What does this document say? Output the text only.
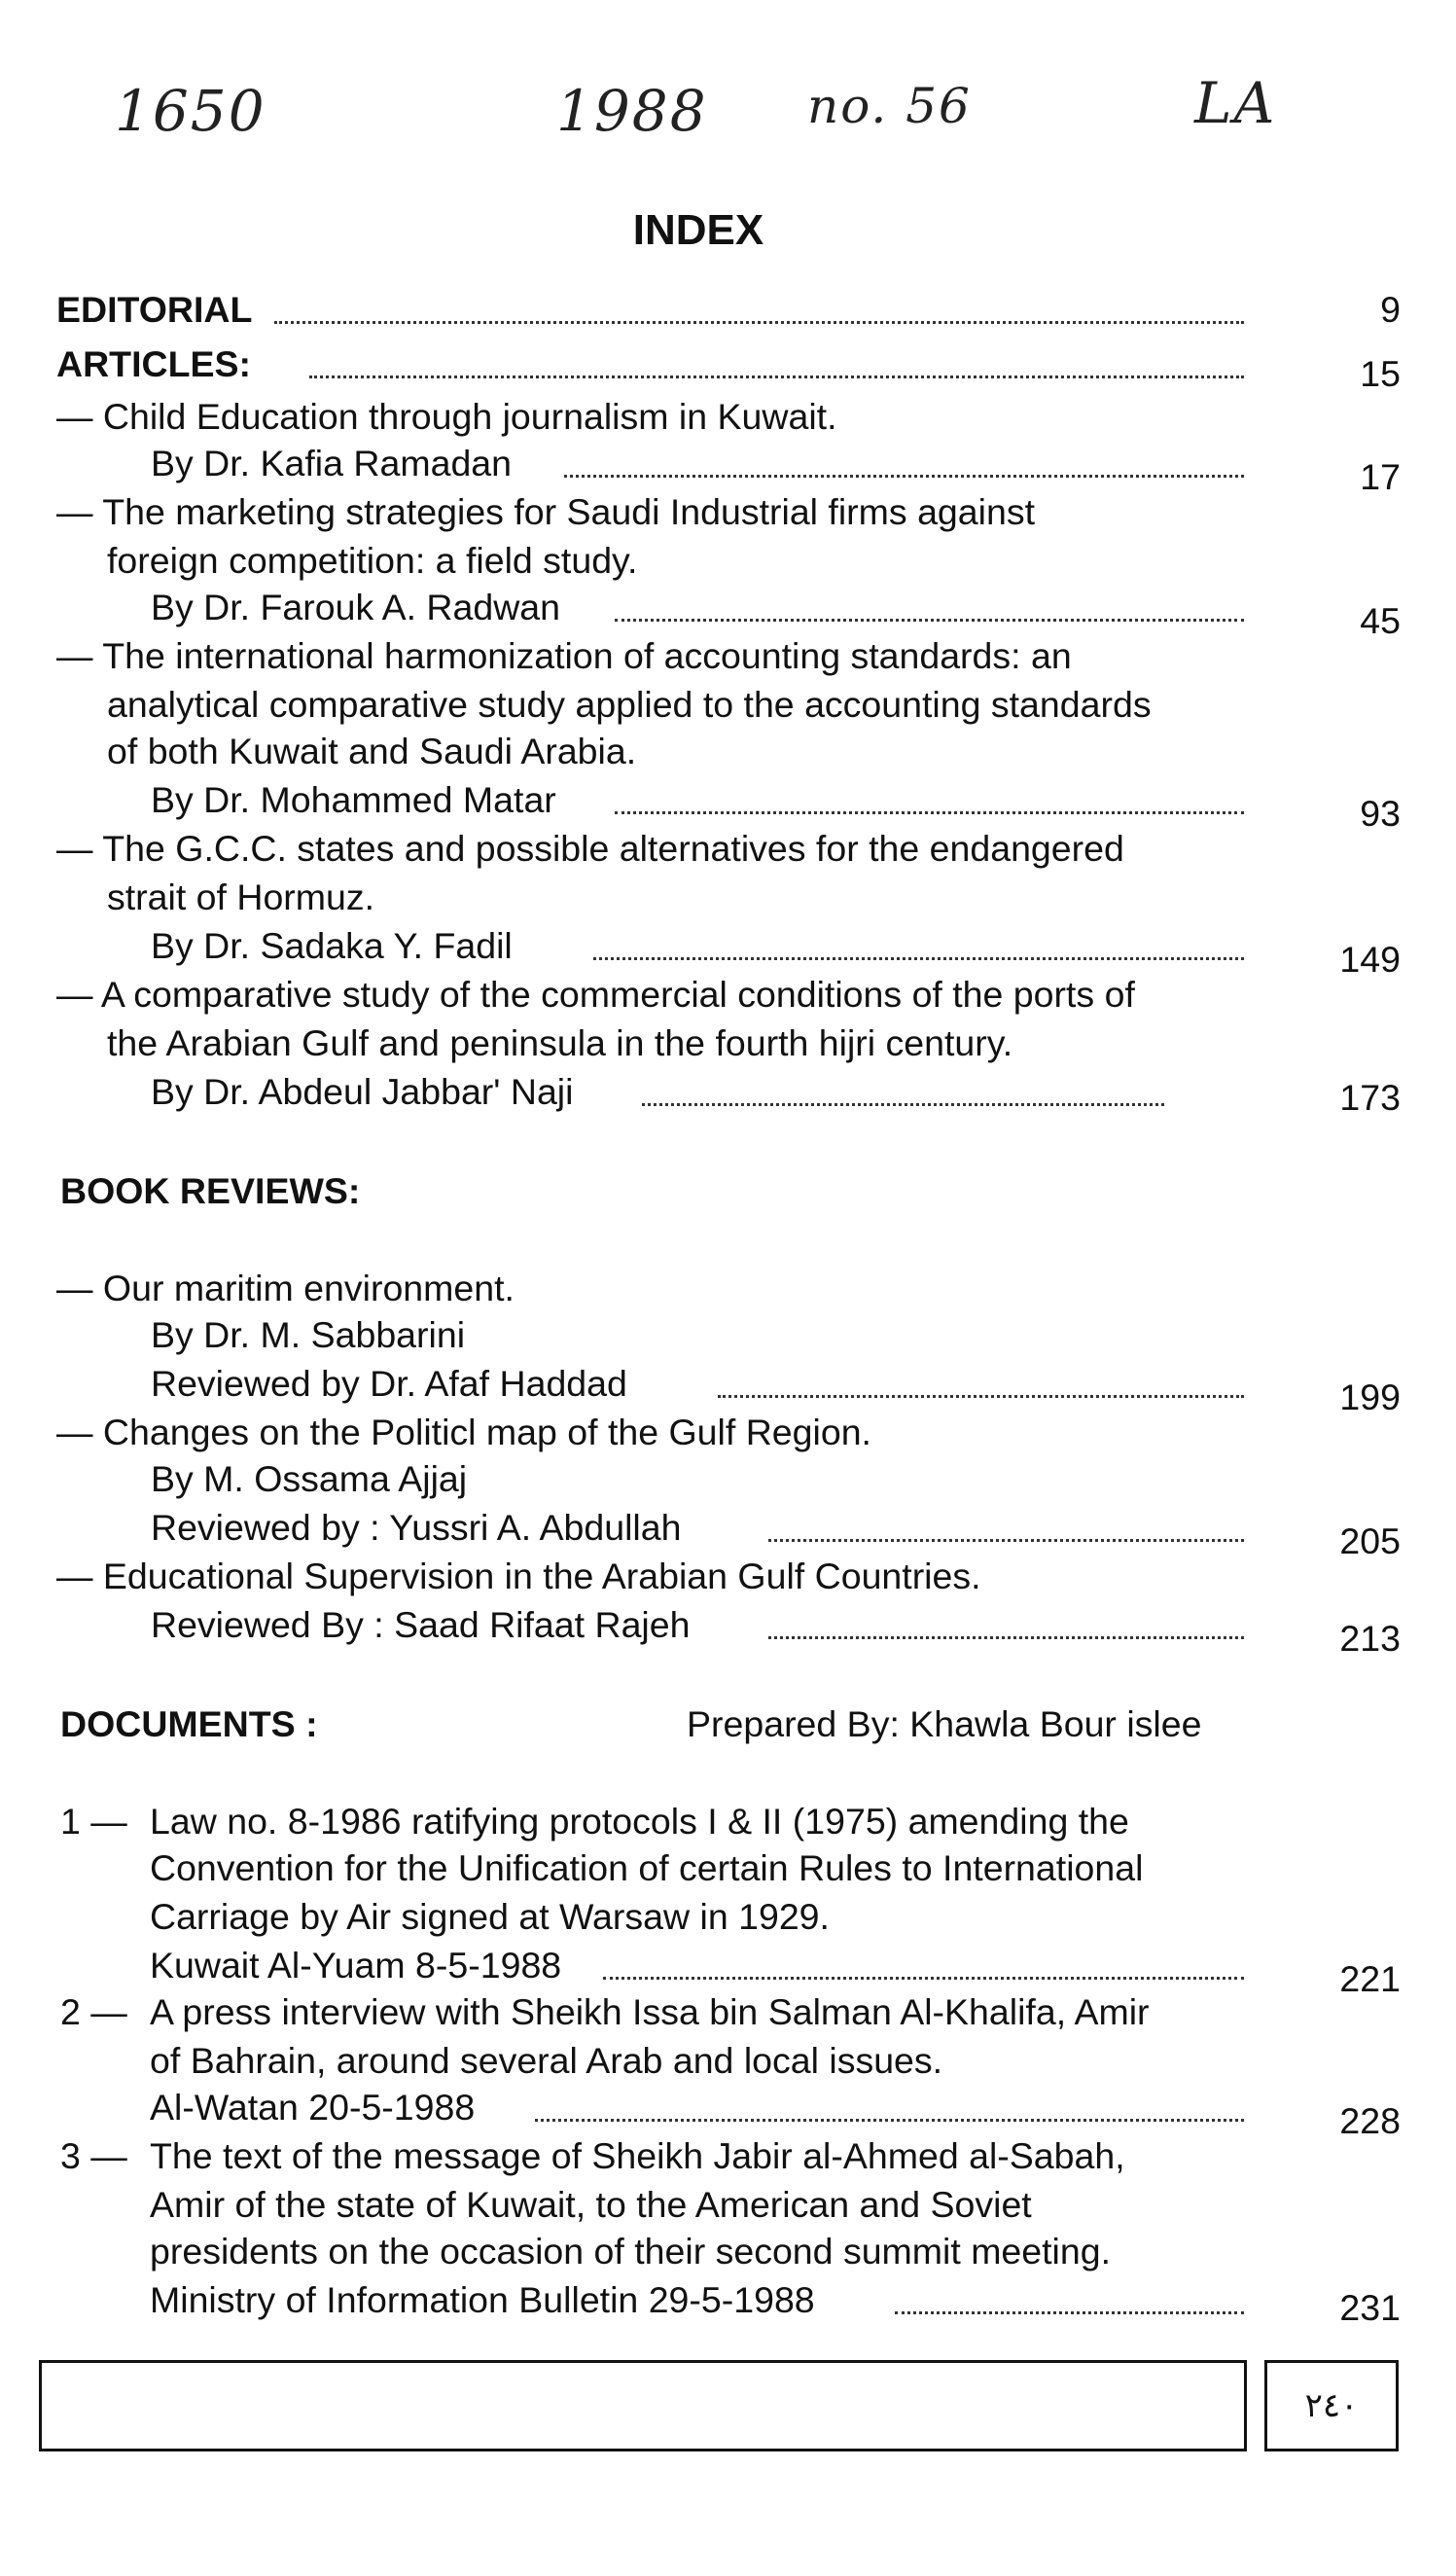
1650	1988 no. 56	LA
INDEX
EDITORIAL	9
ARTICLES:	15
— Child Education through journalism in Kuwait.
By Dr. Kafia Ramadan	17
— The marketing strategies for Saudi Industrial firms against
foreign competition: a field study.
By Dr. Farouk A. Radwan	45
— The international harmonization of accounting standards: an
analytical comparative study applied to the accounting standards
of both Kuwait and Saudi Arabia.
By Dr. Mohammed Matar	93
— The G.C.C. states and possible alternatives for the endangered
strait of Hormuz.
By Dr. Sadaka Y. Fadil	149
— A comparative study of the commercial conditions of the ports of
the Arabian Gulf and peninsula in the fourth hijri century.
By Dr. Abdeul Jabbar' Naji	173
BOOK REVIEWS:
— Our maritim environment.
By Dr. M. Sabbarini
Reviewed by Dr. Afaf Haddad	199
— Changes on the Politicl map of the Gulf Region.
By M. Ossama Ajjaj
Reviewed by : Yussri A. Abdullah	205
— Educational Supervision in the Arabian Gulf Countries.
Reviewed By : Saad Rifaat Rajeh	213
DOCUMENTS :	Prepared By: Khawla Bour islee
1 — Law no. 8-1986 ratifying protocols I & II (1975) amending the
Convention for the Unification of certain Rules to International
Carriage by Air signed at Warsaw in 1929.
Kuwait Al-Yuam 8-5-1988	221
2 — A press interview with Sheikh Issa bin Salman Al-Khalifa, Amir
of Bahrain, around several Arab and local issues.
Al-Watan 20-5-1988	228
3 — The text of the message of Sheikh Jabir al-Ahmed al-Sabah,
Amir of the state of Kuwait, to the American and Soviet
presidents on the occasion of their second summit meeting.
Ministry of Information Bulletin 29-5-1988	231
٢٤٠
